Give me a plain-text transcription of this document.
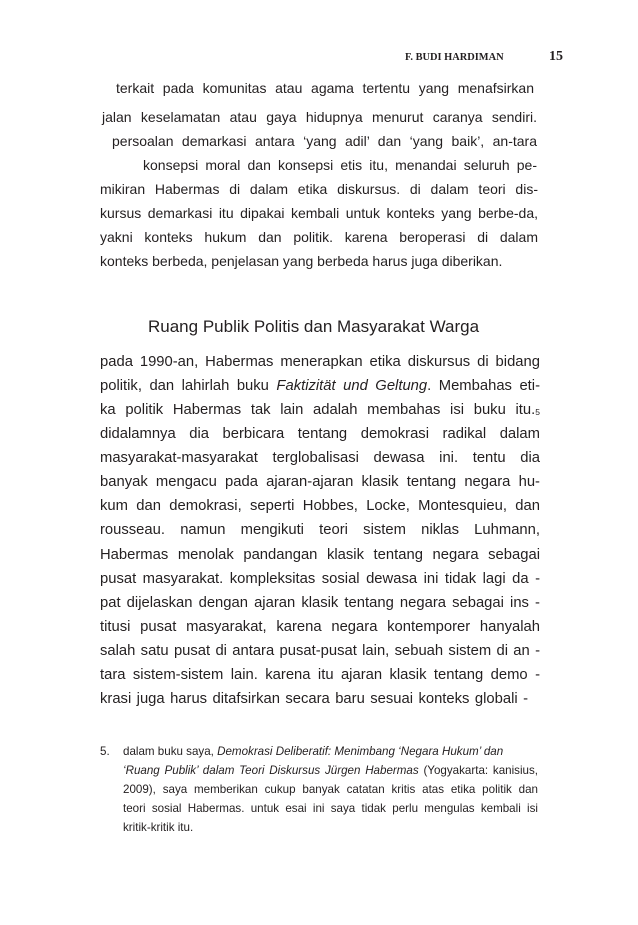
F. BUDI HARDIMAN	15
terkait pada komunitas atau agama tertentu yang menafsirkan
jalan keselamatan atau gaya hidupnya menurut caranya sendiri.
persoalan demarkasi antara ‘yang adil’ dan ‘yang baik’, an-tara
konsepsi moral dan konsepsi etis itu, menandai seluruh pe-
mikiran Habermas di dalam etika diskursus. di dalam teori dis-
kursus demarkasi itu dipakai kembali untuk konteks yang berbe-da,
yakni konteks hukum dan politik. karena beroperasi di dalam
konteks berbeda, penjelasan yang berbeda harus juga diberikan.
Ruang Publik Politis dan Masyarakat Warga
pada 1990-an, Habermas menerapkan etika diskursus di bidang
politik, dan lahirlah buku Faktizität und Geltung. Membahas eti-
ka politik Habermas tak lain adalah membahas isi buku itu.5
didalamnya dia berbicara tentang demokrasi radikal dalam
masyarakat-masyarakat terglobalisasi dewasa ini. tentu dia
banyak mengacu pada ajaran-ajaran klasik tentang negara hu-
kum dan demokrasi, seperti Hobbes, Locke, Montesquieu, dan
rousseau. namun mengikuti teori sistem niklas Luhmann,
Habermas menolak pandangan klasik tentang negara sebagai
pusat masyarakat. kompleksitas sosial dewasa ini tidak lagi da -
pat dijelaskan dengan ajaran klasik tentang negara sebagai ins -
titusi pusat masyarakat, karena negara kontemporer hanyalah
salah satu pusat di antara pusat-pusat lain, sebuah sistem di an -
tara sistem-sistem lain. karena itu ajaran klasik tentang demo -
krasi juga harus ditafsirkan secara baru sesuai konteks globali -
5. dalam buku saya, Demokrasi Deliberatif: Menimbang ‘Negara Hukum’ dan
‘Ruang Publik’ dalam Teori Diskursus Jürgen Habermas (Yogyakarta: kanisius,
2009), saya memberikan cukup banyak catatan kritis atas etika politik dan
teori sosial Habermas. untuk esai ini saya tidak perlu mengulas kembali isi
kritik-kritik itu.
